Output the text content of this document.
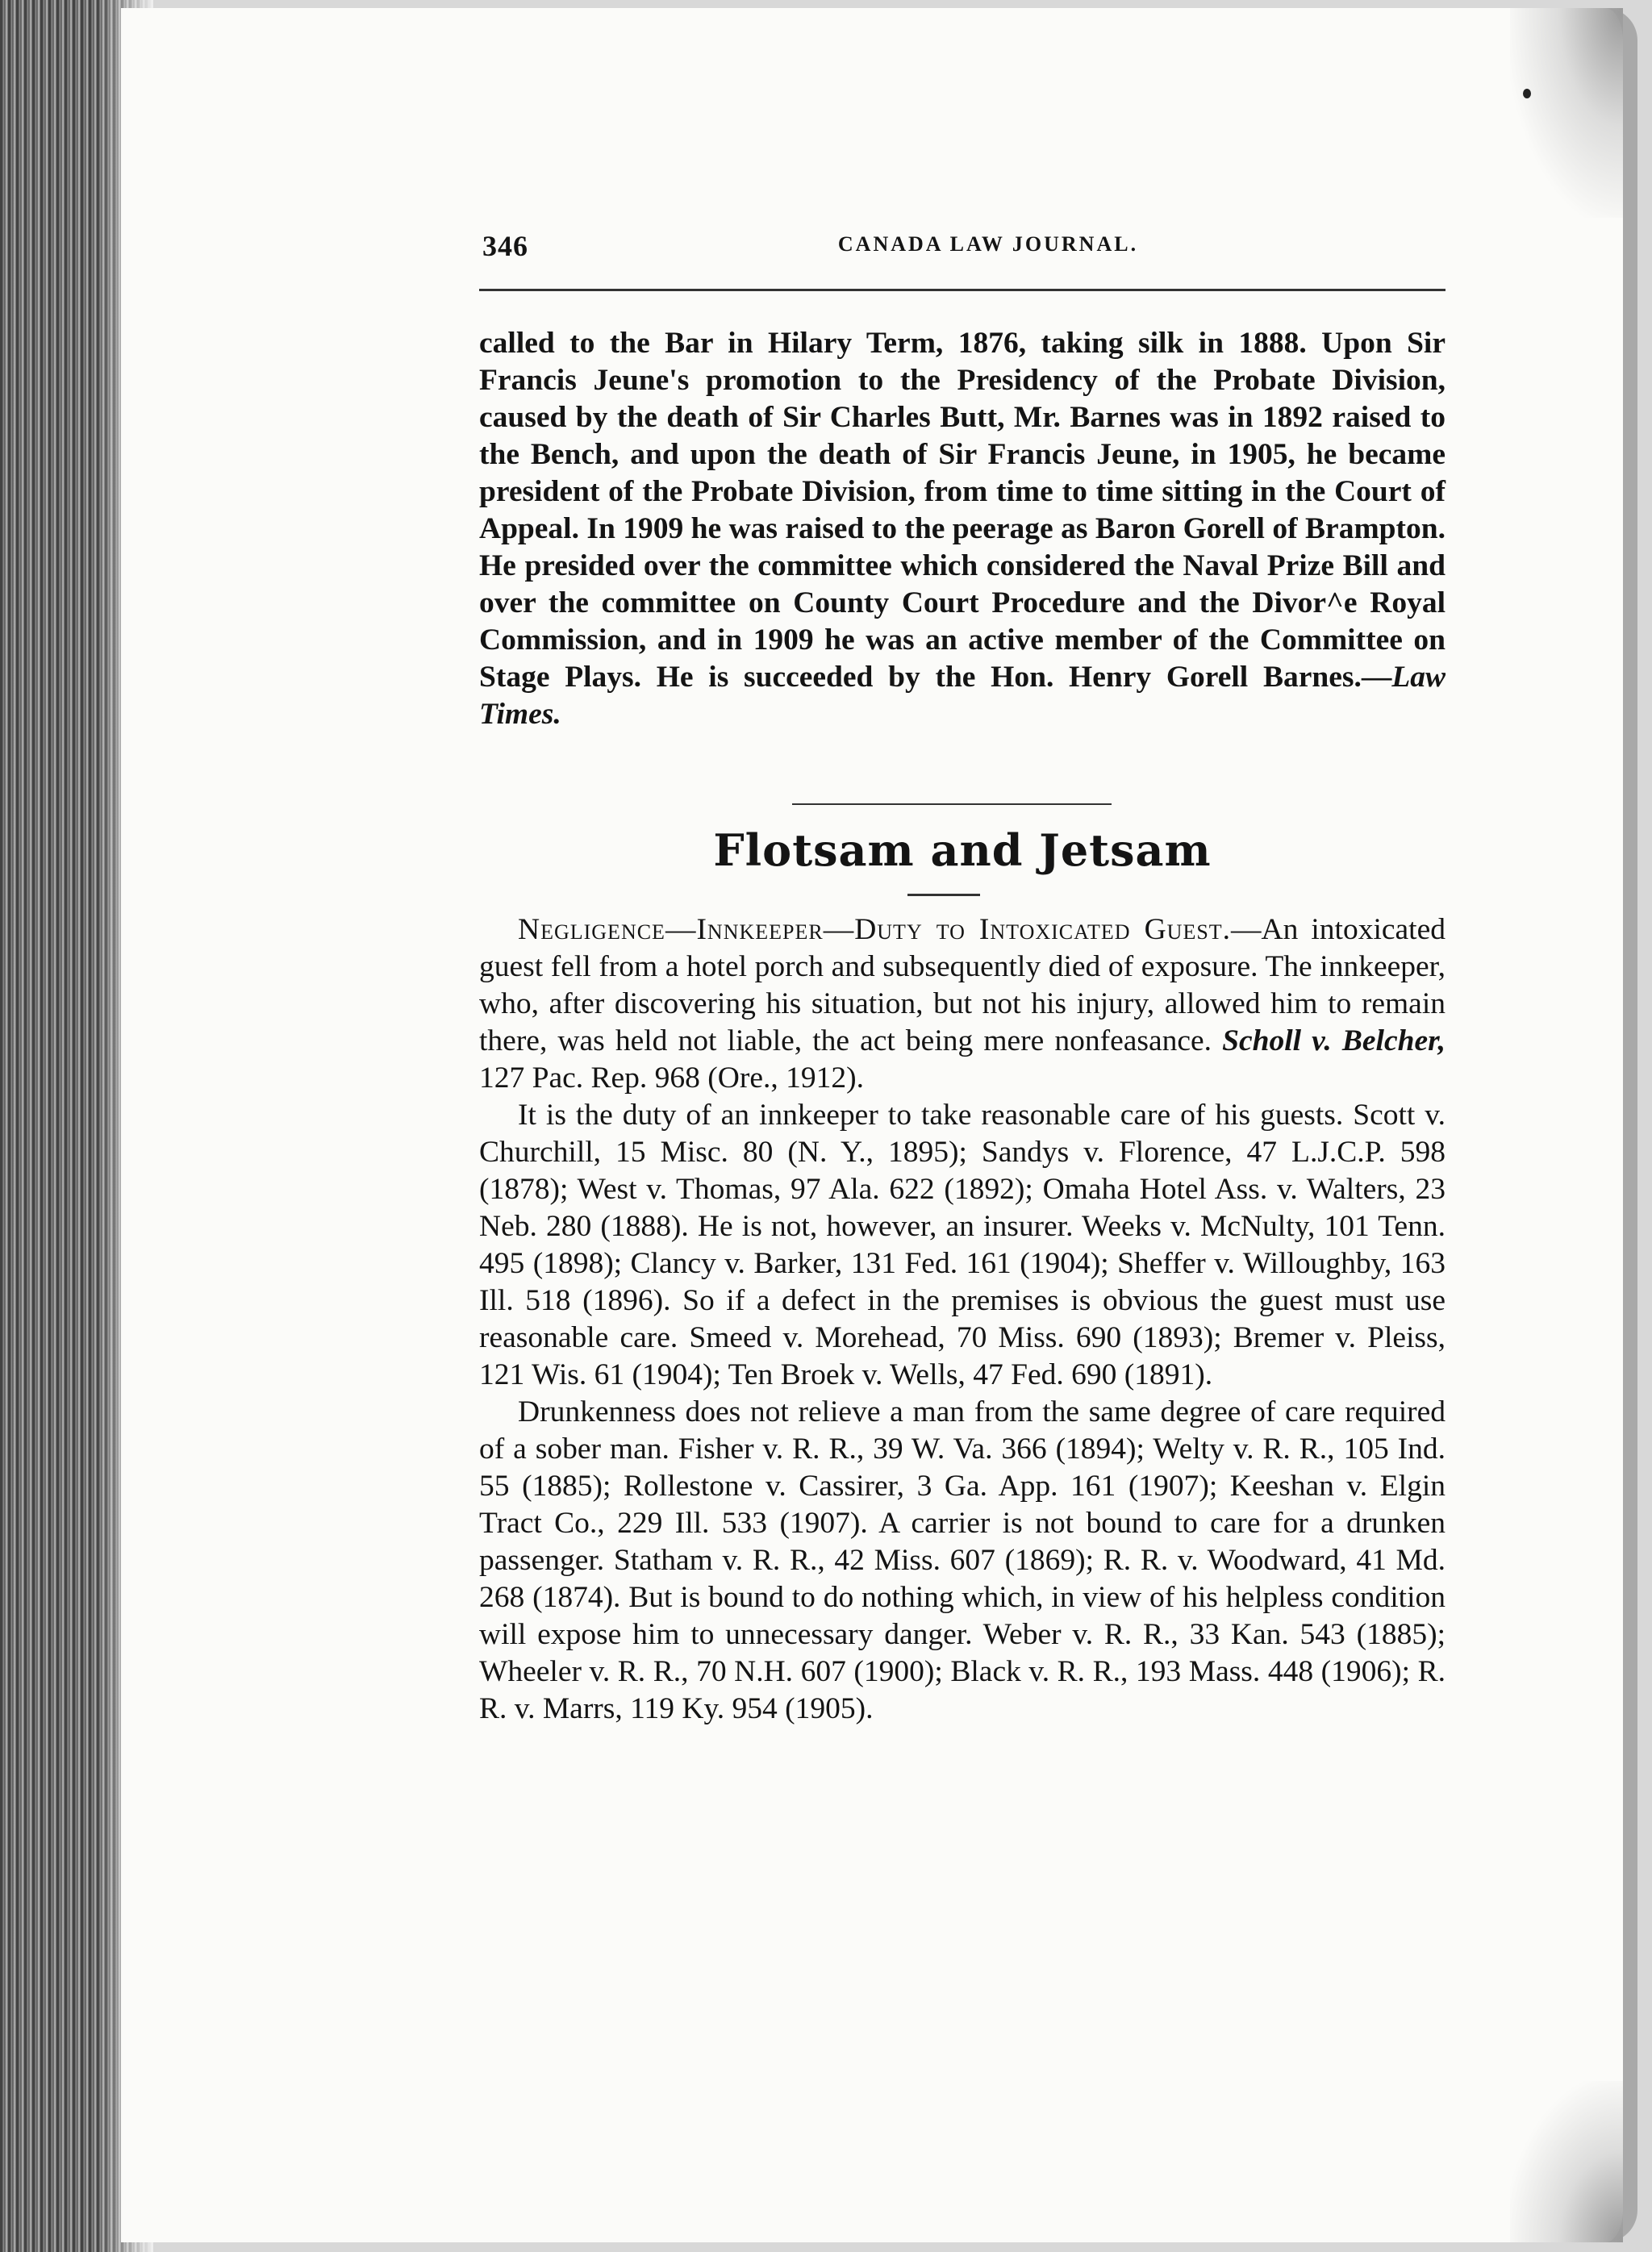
346	CANADA LAW JOURNAL.
called to the Bar in Hilary Term, 1876, taking silk in 1888. Upon Sir Francis Jeune's promotion to the Presidency of the Probate Division, caused by the death of Sir Charles Butt, Mr. Barnes was in 1892 raised to the Bench, and upon the death of Sir Francis Jeune, in 1905, he became president of the Probate Division, from time to time sitting in the Court of Appeal. In 1909 he was raised to the peerage as Baron Gorell of Brampton. He presided over the committee which considered the Naval Prize Bill and over the committee on County Court Procedure and the Divor^e Royal Commission, and in 1909 he was an active member of the Committee on Stage Plays. He is succeeded by the Hon. Henry Gorell Barnes.—Law Times.
Flotsam and Jetsam

Negligence—Innkeeper—Duty to Intoxicated Guest.—An intoxicated guest fell from a hotel porch and subsequently died of exposure. The innkeeper, who, after discovering his situation, but not his injury, allowed him to remain there, was held not liable, the act being mere nonfeasance. Scholl v. Belcher, 127 Pac. Rep. 968 (Ore., 1912).

It is the duty of an innkeeper to take reasonable care of his guests. Scott v. Churchill, 15 Misc. 80 (N. Y., 1895); Sandys v. Florence, 47 L.J.C.P. 598 (1878); West v. Thomas, 97 Ala. 622 (1892); Omaha Hotel Ass. v. Walters, 23 Neb. 280 (1888). He is not, however, an insurer. Weeks v. McNulty, 101 Tenn. 495 (1898); Clancy v. Barker, 131 Fed. 161 (1904); Sheffer v. Willoughby, 163 Ill. 518 (1896). So if a defect in the premises is obvious the guest must use reasonable care. Smeed v. Morehead, 70 Miss. 690 (1893); Bremer v. Pleiss, 121 Wis. 61 (1904); Ten Broek v. Wells, 47 Fed. 690 (1891).

Drunkenness does not relieve a man from the same degree of care required of a sober man. Fisher v. R. R., 39 W. Va. 366 (1894); Welty v. R. R., 105 Ind. 55 (1885); Rollestone v. Cassirer, 3 Ga. App. 161 (1907); Keeshan v. Elgin Tract Co., 229 Ill. 533 (1907). A carrier is not bound to care for a drunken passenger. Statham v. R. R., 42 Miss. 607 (1869); R. R. v. Woodward, 41 Md. 268 (1874). But is bound to do nothing which, in view of his helpless condition will expose him to unnecessary danger. Weber v. R. R., 33 Kan. 543 (1885); Wheeler v. R. R., 70 N.H. 607 (1900); Black v. R. R., 193 Mass. 448 (1906); R. R. v. Marrs, 119 Ky. 954 (1905).
